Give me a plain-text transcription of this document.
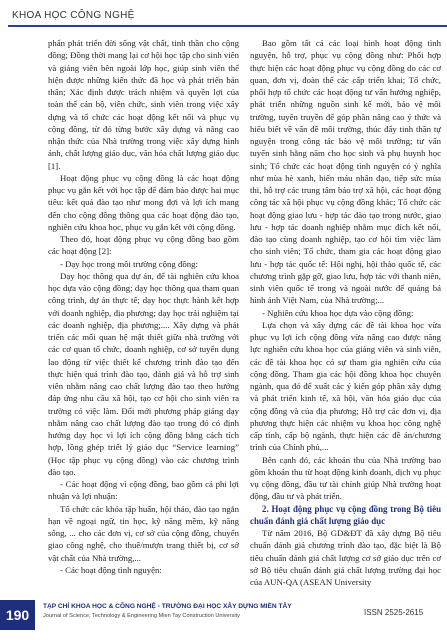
KHOA HỌC CÔNG NGHỆ

phẩn phát triển đời sống vật chất, tinh thần cho cộng đồng; Đồng thời mang lại cơ hội học tập cho sinh viên và giảng viên bên ngoài lớp học, giúp sinh viên thể hiện được những kiến thức đã học và phát triển bản thân; Xác định được trách nhiệm và quyền lợi của toàn thể cán bộ, viên chức, sinh viên trong việc xây dựng và tổ chức các hoạt động kết nối và phục vụ cộng đồng, từ đó từng bước xây dựng và nâng cao nhận thức của Nhà trường trong việc xây dựng hình ảnh, chất lượng giáo dục, văn hóa chất lượng giáo dục [1].

Hoạt động phục vụ cộng đồng là các hoạt động phục vụ gắn kết với học tập để đảm bảo được hai mục tiêu: kết quả đào tạo như mong đợi và lợi ích mang đến cho cộng đồng thông qua các hoạt động đào tạo, nghiên cứu khoa học, phục vụ gắn kết với cộng đồng.

Theo đó, hoạt động phục vụ cộng đồng bao gồm các hoạt động [2]:

- Dạy học trong môi trường cộng đồng:

Dạy học thông qua dự án, để tài nghiên cứu khoa học dựa vào cộng đồng; dạy học thông qua tham quan công trình, dự án thực tế; dạy học thực hành kết hợp với doanh nghiệp, địa phương; dạy học trải nghiệm tại các doanh nghiệp, địa phương;.... Xây dựng và phát triển các mối quan hệ mật thiết giữa nhà trường với các cơ quan tổ chức, doanh nghiệp, cơ sở tuyển dụng lao động từ việc thiết kế chương trình đào tạo đến thực hiện quá trình đào tạo, đánh giá và hỗ trợ sinh viên nhằm nâng cao chất lượng đào tạo theo hướng đáp ứng nhu cầu xã hội, tạo cơ hội cho sinh viên ra trường có việc làm. Đổi mới phương pháp giảng dạy nhằm nâng cao chất lượng đào tạo trong đó có định hướng dạy học vì lợi ích cộng đồng bằng cách tích hợp, lồng ghép triết lý giáo dục “Service learning” (Học tập phục vụ cộng đồng) vào các chương trình đào tạo.

- Các hoạt động vì cộng đồng, bao gồm cả phi lợi nhuận và lợi nhuận:

Tổ chức các khóa tập huấn, hội thảo, đào tạo ngắn hạn về ngoại ngữ, tin học, kỹ năng mềm, kỹ năng sống, ... cho các đơn vị, cơ sở của cộng đồng, chuyển giao công nghệ, cho thuê/mượn trang thiết bị, cơ sở vật chất của Nhà trường,...

- Các hoạt động tình nguyện:

Bao gồm tất cả các loại hình hoạt động tình nguyện, hỗ trợ, phục vụ cộng đồng như: Phối hợp thực hiện các hoạt động phục vụ cộng đồng do các cơ quan, đơn vị, đoàn thể các cấp triển khai; Tổ chức, phối hợp tổ chức các hoạt động tư vấn hướng nghiệp, phát triển những nguồn sinh kế mới, bảo vệ môi trường, tuyên truyền để góp phần nâng cao ý thức và hiểu biết về vấn đề môi trường, thúc đẩy tinh thần tự nguyện trong công tác bảo vệ môi trường; tư vấn tuyển sinh hằng năm cho học sinh và phụ huynh học sinh; Tổ chức các hoạt động tình nguyện có ý nghĩa như mùa hè xanh, hiến máu nhân đạo, tiếp sức mùa thi, hỗ trợ các trung tâm bảo trợ xã hội, các hoạt động công tác xã hội phục vụ cộng đồng khác; Tổ chức các hoạt động giao lưu - hợp tác đào tạo trong nước, giao lưu - hợp tác doanh nghiệp nhằm mục đích kết nối, đào tạo cùng doanh nghiệp, tạo cơ hội tìm việc làm cho sinh viên; Tổ chức, tham gia các hoạt động giao lưu - hợp tác quốc tế: Hội nghị, hội thảo quốc tế, các chương trình gặp gỡ, giao lưu, hợp tác với thanh niên, sinh viên quốc tế trong và ngoài nước để quảng bá hình ảnh Việt Nam, của Nhà trường;...

- Nghiên cứu khoa học dựa vào cộng đồng:

Lựa chọn và xây dựng các đề tài khoa học vừa phục vụ lợi ích cộng đồng vừa nâng cao được năng lực nghiên cứu khoa học của giảng viên và sinh viên, các đề tài khoa học có sự tham gia nghiên cứu của cộng đồng. Tham gia các hội đồng khoa học chuyên ngành, qua đó để xuất các ý kiến góp phần xây dựng và phát triển kinh tế, xã hội, văn hóa giáo dục của cộng đồng và của địa phương; Hỗ trợ các đơn vị, địa phương thực hiện các nhiệm vụ khoa học công nghệ cấp tỉnh, cấp bộ ngành, thực hiện các đề án/chương trình của Chính phủ,...

Bên cạnh đó, các khoản thu của Nhà trường bao gồm khoản thu từ hoạt động kinh doanh, dịch vụ phục vụ cộng đồng, đầu tư tài chính giúp Nhà trường hoạt động, đầu tư và phát triển.

2. Hoạt động phục vụ cộng đồng trong Bộ tiêu chuẩn đánh giá chất lượng giáo dục

Từ năm 2016, Bộ GD&ĐT đã xây dựng Bộ tiêu chuẩn đánh giá chương trình đào tạo, đặc biệt là Bộ tiêu chuẩn đánh giá chất lượng cơ sở giáo dục trên cơ sở Bộ tiêu chuẩn đánh giá chất lượng trường đại học của AUN-QA (ASEAN University

190
TẠP CHÍ KHOA HỌC & CÔNG NGHỆ - TRƯỜNG ĐẠI HỌC XÂY DỰNG MIỀN TÂY
Journal of Science, Technology & Engineering Mien Tay Construction University	ISSN 2525-2615
